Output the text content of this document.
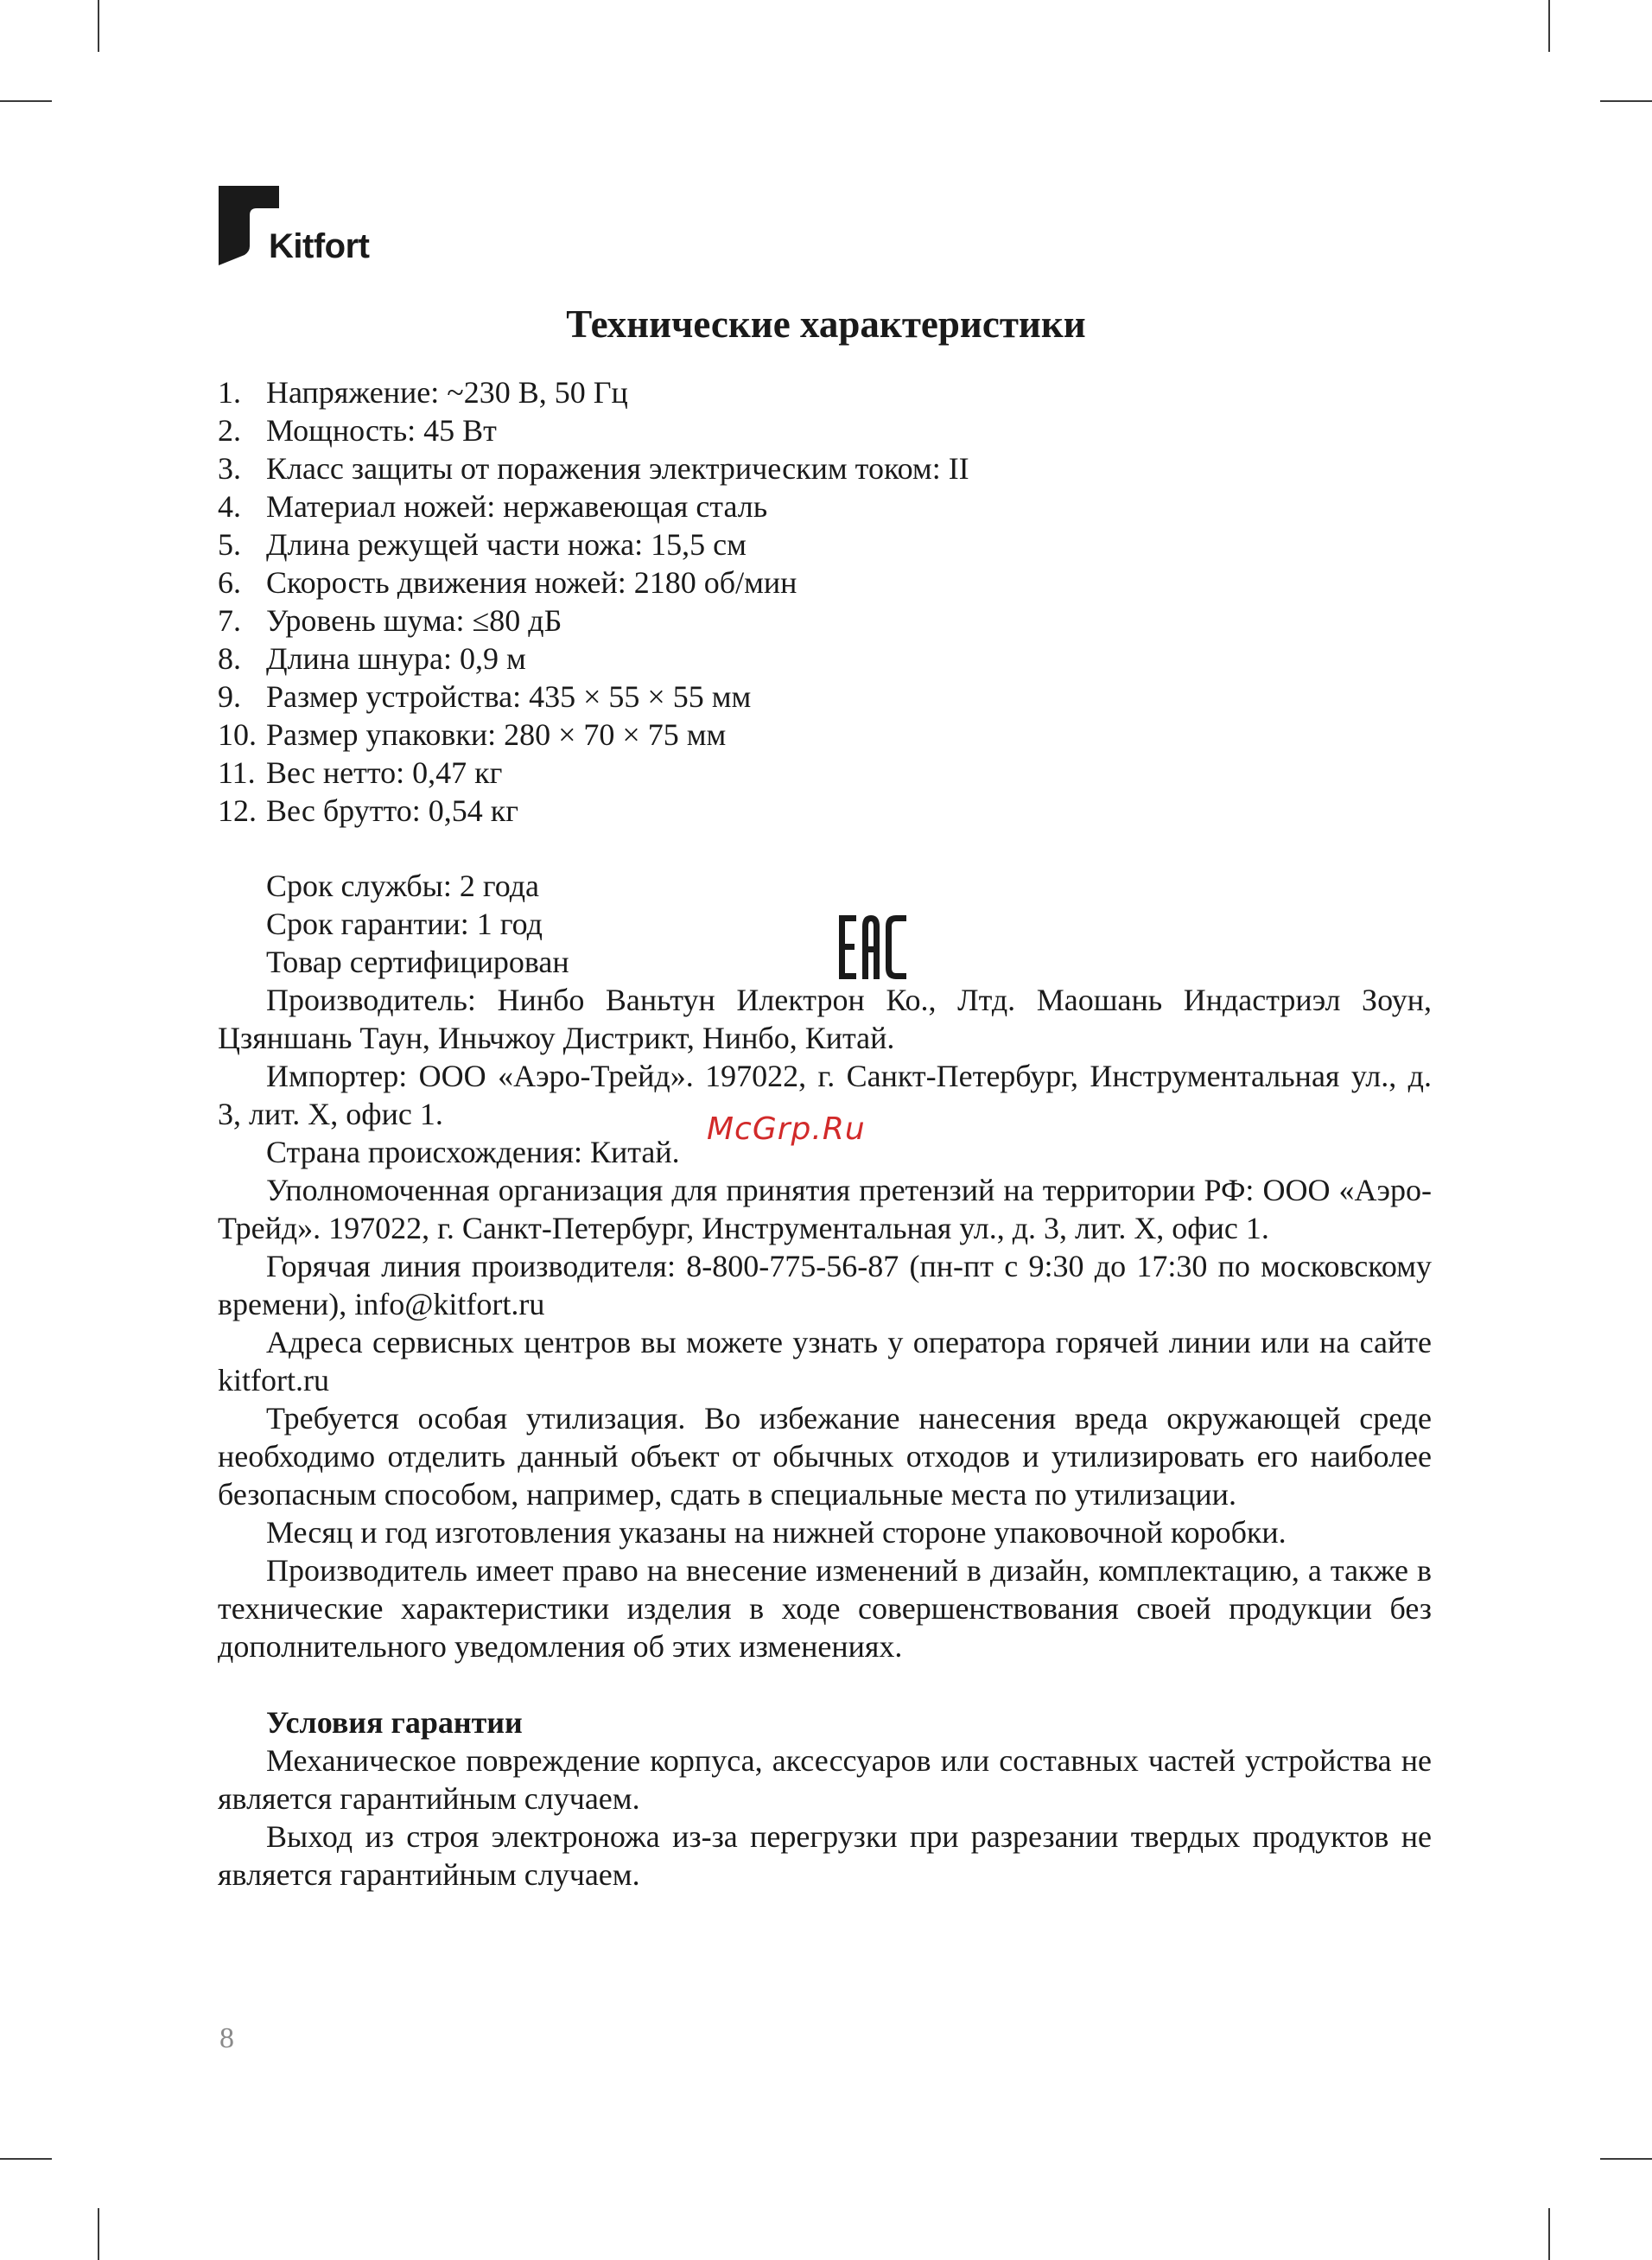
Kitfort
Технические характеристики
1. Напряжение: ~230 В, 50 Гц
2. Мощность: 45 Вт
3. Класс защиты от поражения электрическим током: II
4. Материал ножей: нержавеющая сталь
5. Длина режущей части ножа: 15,5 см
6. Скорость движения ножей: 2180 об/мин
7. Уровень шума: ≤80 дБ
8. Длина шнура: 0,9 м
9. Размер устройства: 435 × 55 × 55 мм
10. Размер упаковки: 280 × 70 × 75 мм
11. Вес нетто: 0,47 кг
12. Вес брутто: 0,54 кг
Срок службы: 2 года
Срок гарантии: 1 год
Товар сертифицирован

Производитель: Нинбо Ваньтун Илектрон Ко., Лтд. Маошань Индастриэл Зоун, Цзяншань Таун, Иньчжоу Дистрикт, Нинбо, Китай.

Импортер: ООО «Аэро-Трейд». 197022, г. Санкт-Петербург, Инструментальная ул., д. 3, лит. Х, офис 1.

Страна происхождения: Китай.

Уполномоченная организация для принятия претензий на территории РФ: ООО «Аэро-Трейд». 197022, г. Санкт-Петербург, Инструментальная ул., д. 3, лит. Х, офис 1.

Горячая линия производителя: 8-800-775-56-87 (пн-пт с 9:30 до 17:30 по московскому времени), info@kitfort.ru

Адреса сервисных центров вы можете узнать у оператора горячей линии или на сайте kitfort.ru

Требуется особая утилизация. Во избежание нанесения вреда окружающей среде необходимо отделить данный объект от обычных отходов и утилизировать его наиболее безопасным способом, например, сдать в специальные места по утилизации.

Месяц и год изготовления указаны на нижней стороне упаковочной коробки.

Производитель имеет право на внесение изменений в дизайн, комплектацию, а также в технические характеристики изделия в ходе совершенствования своей продукции без дополнительного уведомления об этих изменениях.

Условия гарантии

Механическое повреждение корпуса, аксессуаров или составных частей устройства не является гарантийным случаем.

Выход из строя электроножа из-за перегрузки при разрезании твердых продуктов не является гарантийным случаем.

McGrp.Ru
8
